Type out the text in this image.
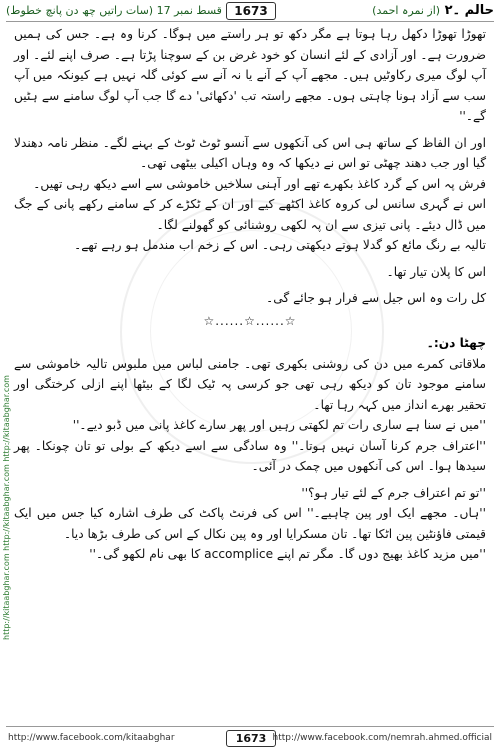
قسط نمبر 17 (سات راتیں چھ دن پانچ خطوط)	1673	حالم ۔۲ (از نمرہ احمد)
http://kitaabghar.com http://kitaabghar.com http://kitaabghar.com

تھوڑا تھوڑا دکھل رہا ہوتا ہے مگر دکھ تو ہر راستے میں ہوگا۔ کرنا وہ ہے۔ جس کی ہمیں ضرورت ہے۔ اور آزادی کے لئے انسان کو خود غرض بن کے سوچنا پڑتا ہے۔ صرف اپنے لئے۔ اور آپ لوگ میری رکاوٹیں ہیں۔ مجھے آپ کے آنے یا نہ آنے سے کوئی گلہ نہیں ہے کیونکہ میں آپ سب سے آزاد ہونا چاہتی ہوں۔ مجھے راستہ تب 'دکھائی' دے گا جب آپ لوگ سامنے سے ہٹیں گے۔''

اور ان الفاظ کے ساتھ ہی اس کی آنکھوں سے آنسو ٹوٹ ٹوٹ کے بہنے لگے۔ منظر نامہ دھندلا گیا اور جب دھند چھٹی تو اس نے دیکھا کہ وہ وہاں اکیلی بیٹھی تھی۔

فرش پہ اس کے گرد کاغذ بکھرے تھے اور آہنی سلاخیں خاموشی سے اسے دیکھ رہی تھیں۔

اس نے گہری سانس لی کروہ کاغذ اکٹھے کیے اور ان کے ٹکڑے کر کے سامنے رکھے پانی کے جگ میں ڈال دیئے۔ پانی تیزی سے ان پہ لکھی روشنائی کو گھولنے لگا۔

تالیہ بے رنگ مائع کو گدلا ہوتے دیکھتی رہی۔ اس کے زخم اب مندمل ہو رہے تھے۔

اس کا پلان تیار تھا۔

کل رات وہ اس جیل سے فرار ہو جائے گی۔

☆......☆......☆

چھٹا دن:۔

ملاقاتی کمرے میں دن کی روشنی بکھری تھی۔ جامنی لباس میں ملبوس تالیہ خاموشی سے سامنے موجود تان کو دیکھ رہی تھی جو کرسی پہ ٹیک لگا کے بیٹھا اپنے ازلی کرختگی اور تحقیر بھرے انداز میں کہہ رہا تھا۔

''میں نے سنا ہے ساری رات تم لکھتی رہیں اور پھر سارے کاغذ پانی میں ڈبو دیے۔''

''اعتراف جرم کرنا آسان نہیں ہوتا۔'' وہ سادگی سے اسے دیکھ کے بولی تو تان چونکا۔ پھر سیدھا ہوا۔ اس کی آنکھوں میں چمک در آئی۔

''تو تم اعتراف جرم کے لئے تیار ہو؟''

''ہاں۔ مجھے ایک اور پین چاہیے۔'' اس کی فرنٹ پاکٹ کی طرف اشارہ کیا جس میں ایک قیمتی فاؤنٹین پین اٹکا تھا۔ تان مسکرایا اور وہ پین نکال کے اس کی طرف بڑھا دیا۔

''میں مزید کاغذ بھیج دوں گا۔ مگر تم اپنے accomplice کا بھی نام لکھو گی۔''

http://www.facebook.com/kitaabghar	1673 http://www.facebook.com/nemrah.ahmed.official
